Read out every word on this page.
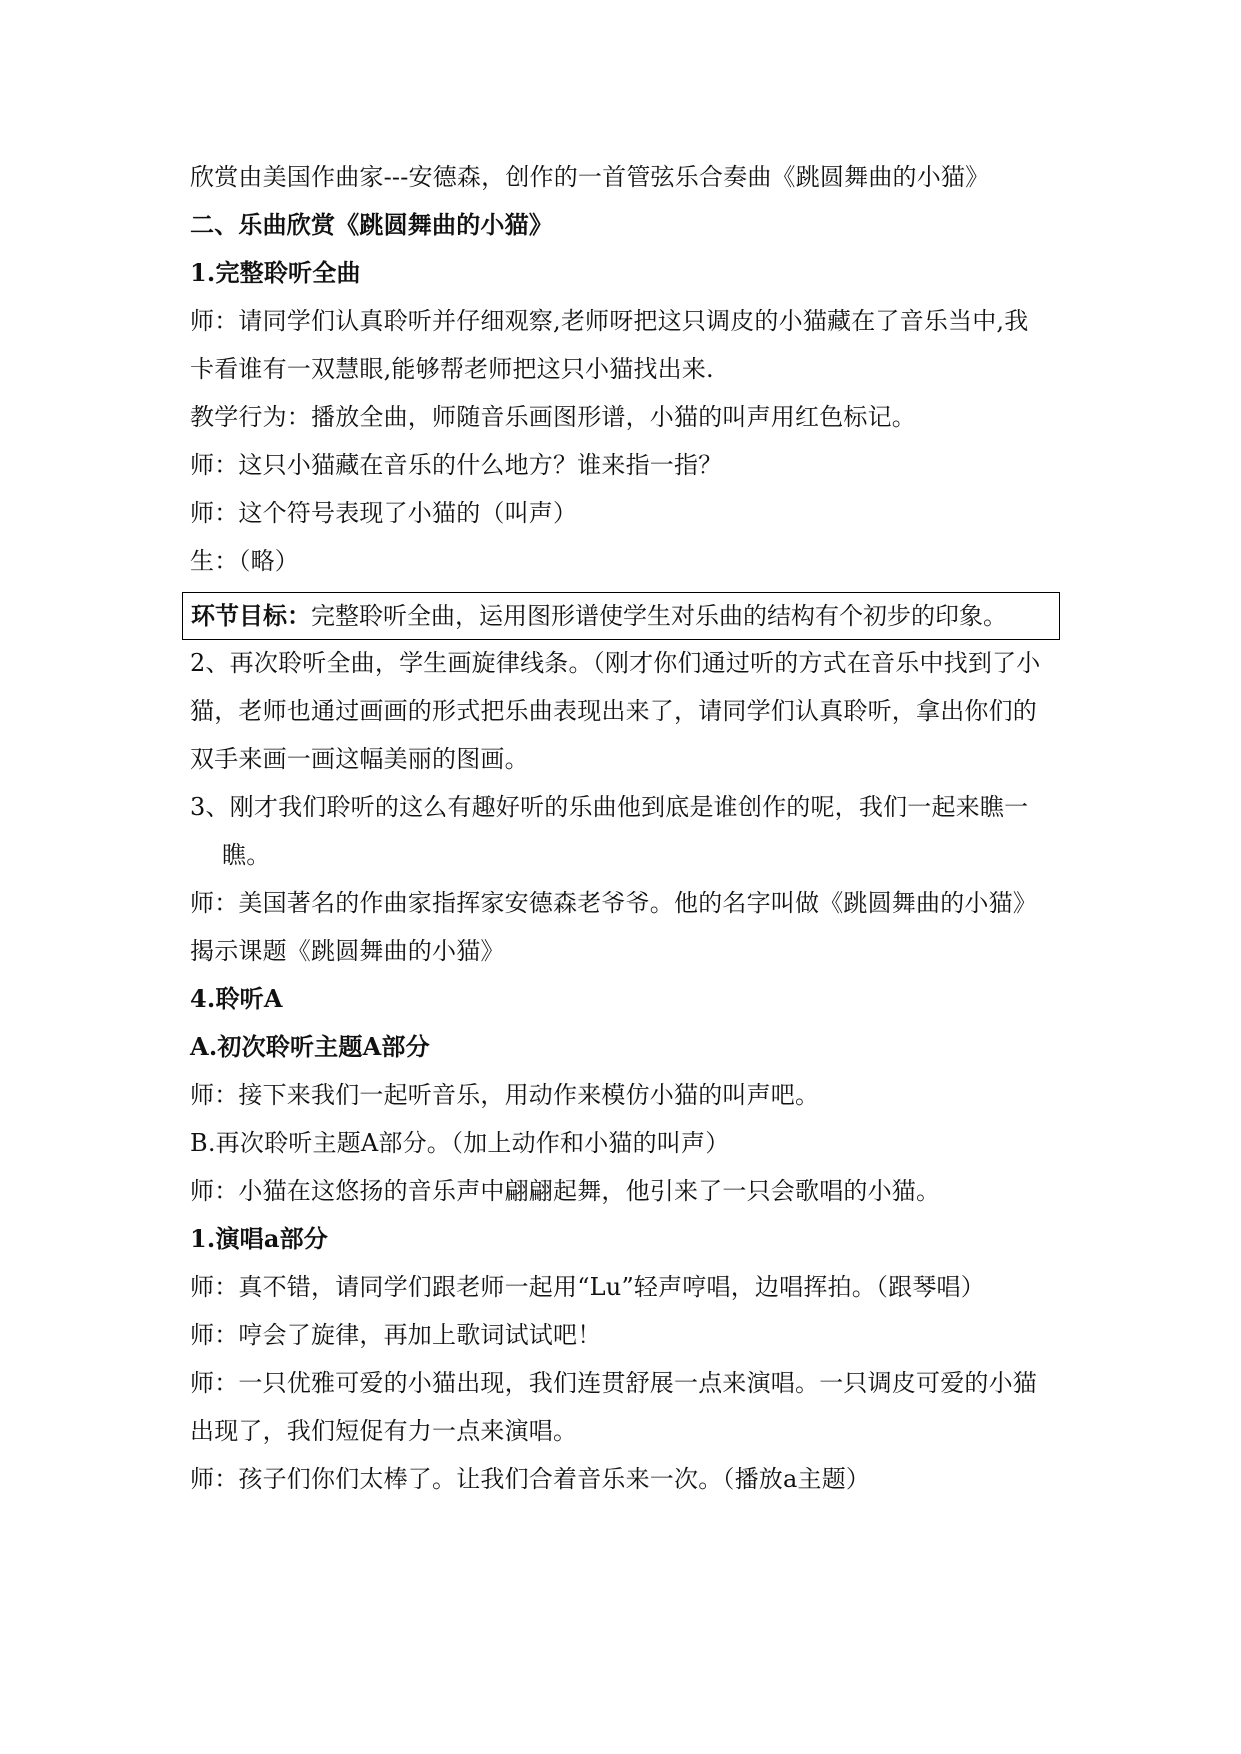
欣赏由美国作曲家---安德森，创作的一首管弦乐合奏曲《跳圆舞曲的小猫》
二、乐曲欣赏《跳圆舞曲的小猫》
1.完整聆听全曲
师：请同学们认真聆听并仔细观察,老师呀把这只调皮的小猫藏在了音乐当中,我
卡看谁有一双慧眼,能够帮老师把这只小猫找出来.
教学行为：播放全曲，师随音乐画图形谱，小猫的叫声用红色标记。
师：这只小猫藏在音乐的什么地方？谁来指一指？
师：这个符号表现了小猫的（叫声）
生：（略）
环节目标：完整聆听全曲，运用图形谱使学生对乐曲的结构有个初步的印象。
2、再次聆听全曲，学生画旋律线条。（刚才你们通过听的方式在音乐中找到了小
猫，老师也通过画画的形式把乐曲表现出来了，请同学们认真聆听，拿出你们的
双手来画一画这幅美丽的图画。
3、刚才我们聆听的这么有趣好听的乐曲他到底是谁创作的呢，我们一起来瞧一
瞧。
师：美国著名的作曲家指挥家安德森老爷爷。他的名字叫做《跳圆舞曲的小猫》
揭示课题《跳圆舞曲的小猫》
4.聆听A
A.初次聆听主题A部分
师：接下来我们一起听音乐，用动作来模仿小猫的叫声吧。
B.再次聆听主题A部分。（加上动作和小猫的叫声）
师：小猫在这悠扬的音乐声中翩翩起舞，他引来了一只会歌唱的小猫。
1.演唱a部分
师：真不错，请同学们跟老师一起用“Lu”轻声哼唱，边唱挥拍。（跟琴唱）
师：哼会了旋律，再加上歌词试试吧！
师：一只优雅可爱的小猫出现，我们连贯舒展一点来演唱。一只调皮可爱的小猫
出现了，我们短促有力一点来演唱。
师：孩子们你们太棒了。让我们合着音乐来一次。（播放a主题）
